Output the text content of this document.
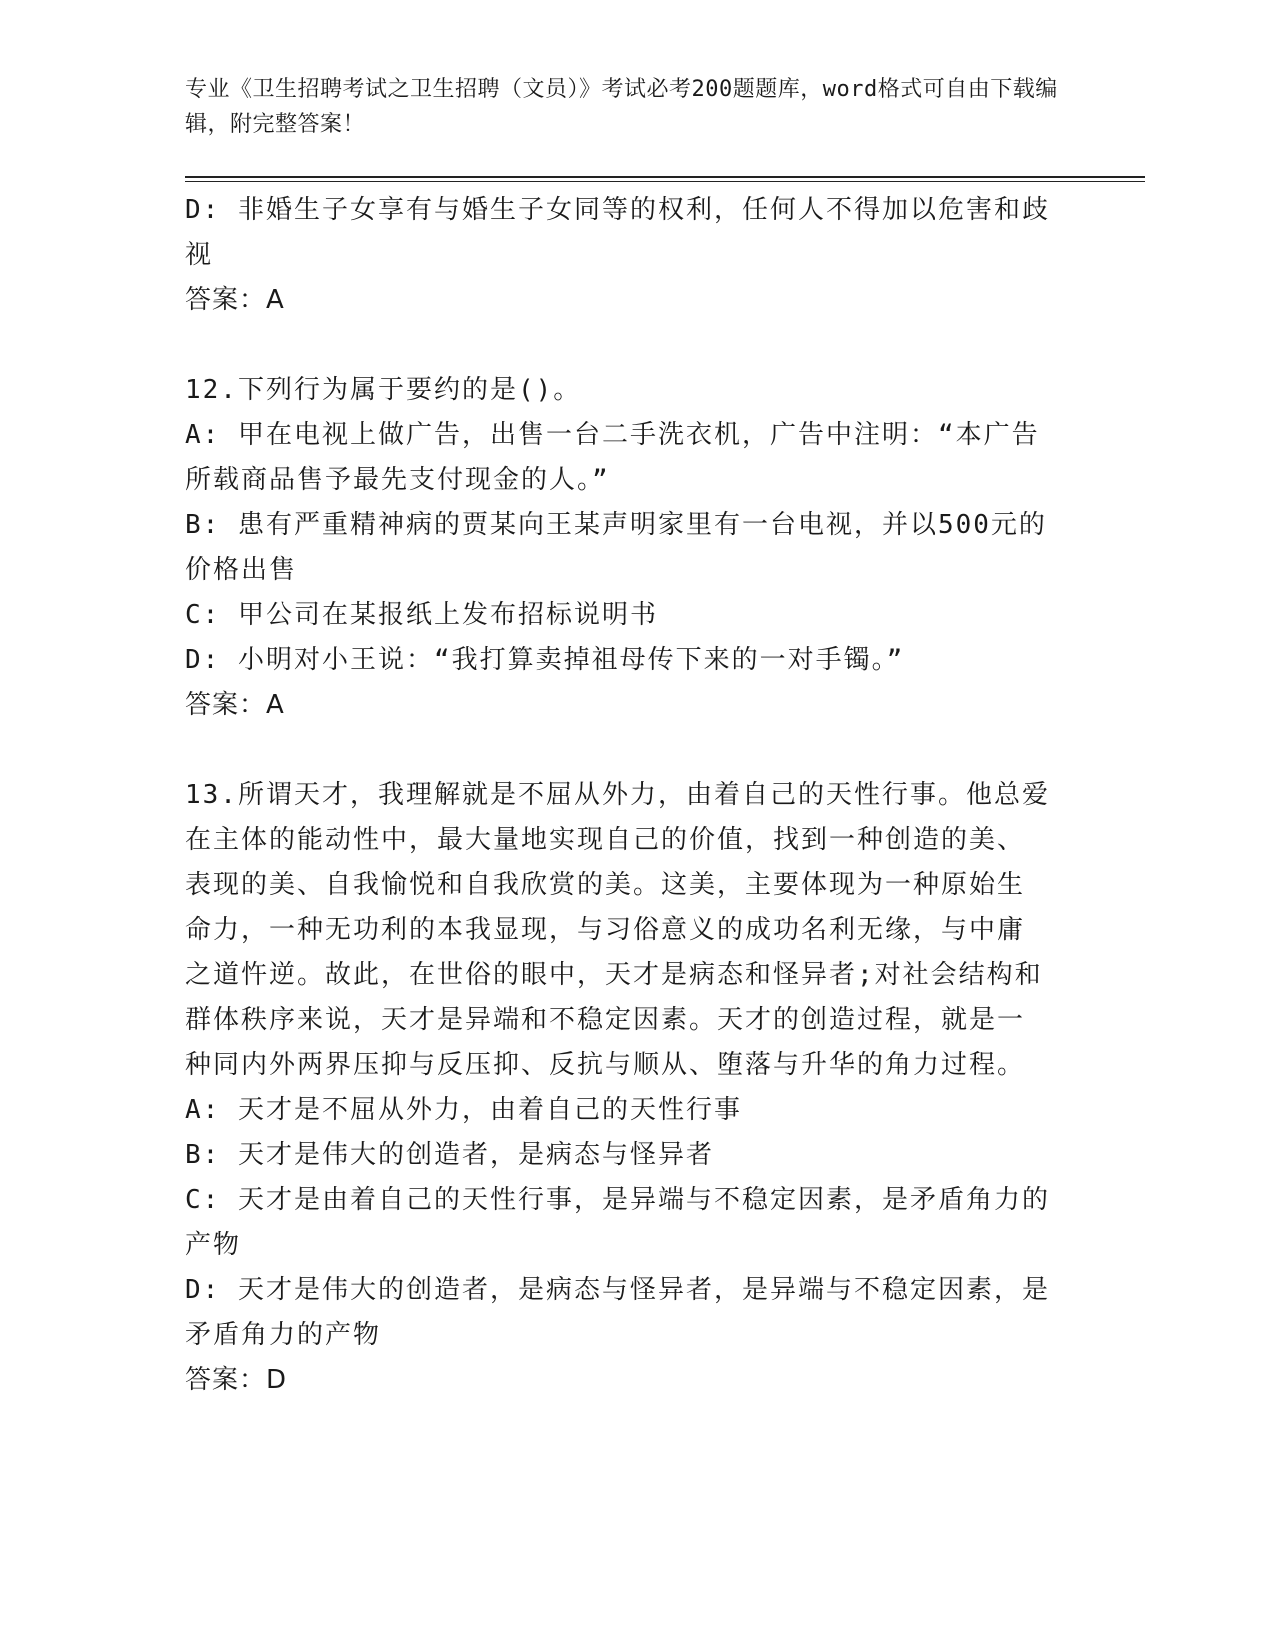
专业《卫生招聘考试之卫生招聘（文员）》考试必考200题题库，word格式可自由下载编辑，附完整答案！

D: 非婚生子女享有与婚生子女同等的权利，任何人不得加以危害和歧

视

答案：A

12.下列行为属于要约的是()。

A: 甲在电视上做广告，出售一台二手洗衣机，广告中注明：“本广告

所载商品售予最先支付现金的人。”

B: 患有严重精神病的贾某向王某声明家里有一台电视，并以500元的

价格出售

C: 甲公司在某报纸上发布招标说明书

D: 小明对小王说：“我打算卖掉祖母传下来的一对手镯。”

答案：A

13.所谓天才，我理解就是不屈从外力，由着自己的天性行事。他总爱

在主体的能动性中，最大量地实现自己的价值，找到一种创造的美、

表现的美、自我愉悦和自我欣赏的美。这美，主要体现为一种原始生

命力，一种无功利的本我显现，与习俗意义的成功名利无缘，与中庸

之道忤逆。故此，在世俗的眼中，天才是病态和怪异者;对社会结构和

群体秩序来说，天才是异端和不稳定因素。天才的创造过程，就是一

种同内外两界压抑与反压抑、反抗与顺从、堕落与升华的角力过程。

A: 天才是不屈从外力，由着自己的天性行事

B: 天才是伟大的创造者，是病态与怪异者

C: 天才是由着自己的天性行事，是异端与不稳定因素，是矛盾角力的

产物

D: 天才是伟大的创造者，是病态与怪异者，是异端与不稳定因素，是

矛盾角力的产物

答案：D
